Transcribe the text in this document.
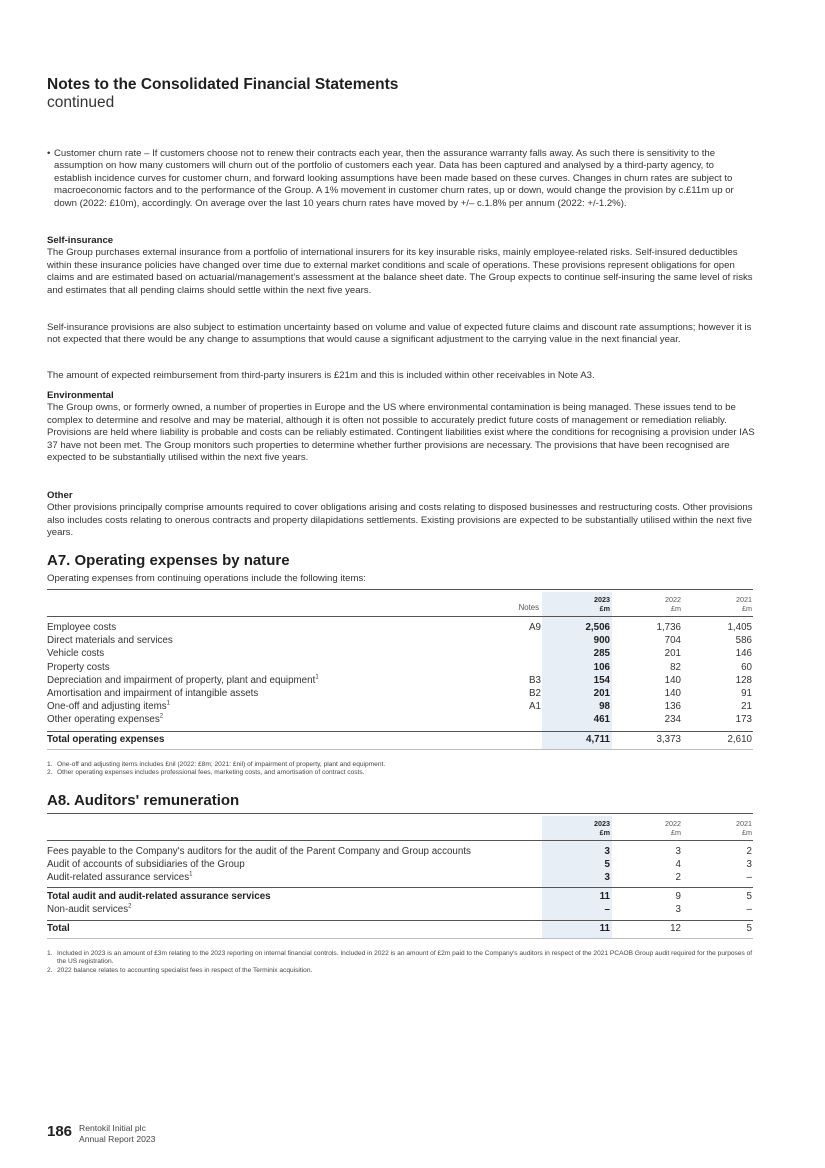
Notes to the Consolidated Financial Statements
continued
• Customer churn rate – If customers choose not to renew their contracts each year, then the assurance warranty falls away. As such there is sensitivity to the assumption on how many customers will churn out of the portfolio of customers each year. Data has been captured and analysed by a third-party agency, to establish incidence curves for customer churn, and forward looking assumptions have been made based on these curves. Changes in churn rates are subject to macroeconomic factors and to the performance of the Group. A 1% movement in customer churn rates, up or down, would change the provision by c.£11m up or down (2022: £10m), accordingly. On average over the last 10 years churn rates have moved by +/– c.1.8% per annum (2022: +/-1.2%).
Self-insurance
The Group purchases external insurance from a portfolio of international insurers for its key insurable risks, mainly employee-related risks. Self-insured deductibles within these insurance policies have changed over time due to external market conditions and scale of operations. These provisions represent obligations for open claims and are estimated based on actuarial/management's assessment at the balance sheet date. The Group expects to continue self-insuring the same level of risks and estimates that all pending claims should settle within the next five years.
Self-insurance provisions are also subject to estimation uncertainty based on volume and value of expected future claims and discount rate assumptions; however it is not expected that there would be any change to assumptions that would cause a significant adjustment to the carrying value in the next financial year.
The amount of expected reimbursement from third-party insurers is £21m and this is included within other receivables in Note A3.
Environmental
The Group owns, or formerly owned, a number of properties in Europe and the US where environmental contamination is being managed. These issues tend to be complex to determine and resolve and may be material, although it is often not possible to accurately predict future costs of management or remediation reliably. Provisions are held where liability is probable and costs can be reliably estimated. Contingent liabilities exist where the conditions for recognising a provision under IAS 37 have not been met. The Group monitors such properties to determine whether further provisions are necessary. The provisions that have been recognised are expected to be substantially utilised within the next five years.
Other
Other provisions principally comprise amounts required to cover obligations arising and costs relating to disposed businesses and restructuring costs. Other provisions also includes costs relating to onerous contracts and property dilapidations settlements. Existing provisions are expected to be substantially utilised within the next five years.
A7. Operating expenses by nature
Operating expenses from continuing operations include the following items:
Notes
2023
£m
2022
£m
2021
£m
Employee costs	A9	2,506	1,736	1,405
Direct materials and services	900	704	586
Vehicle costs	285	201	146
Property costs	106	82	60
Depreciation and impairment of property, plant and equipment$^1$	B3	154	140	128
Amortisation and impairment of intangible assets	B2	201	140	91
One-off and adjusting items$^1$	A1	98	136	21
Other operating expenses$^2$	461	234	173
Total operating expenses	4,711	3,373	2,610
1. One-off and adjusting items includes £nil (2022: £8m; 2021: £nil) of impairment of property, plant and equipment.
2. Other operating expenses includes professional fees, marketing costs, and amortisation of contract costs.
A8. Auditors' remuneration
2023
£m
2022
£m
2021
£m
Fees payable to the Company's auditors for the audit of the Parent Company and Group accounts	3	3	2
Audit of accounts of subsidiaries of the Group	5	4	3
Audit-related assurance services$^1$	3	2	–
Total audit and audit-related assurance services	11	9	5
Non-audit services$^2$	–	3	–
Total	11	12	5
1. Included in 2023 is an amount of £3m relating to the 2023 reporting on internal financial controls. Included in 2022 is an amount of £2m paid to the Company's auditors in respect of the 2021 PCAOB Group audit required for the purposes of the US registration.
2. 2022 balance relates to accounting specialist fees in respect of the Terminix acquisition.
186 Rentokil Initial plc
Annual Report 2023
